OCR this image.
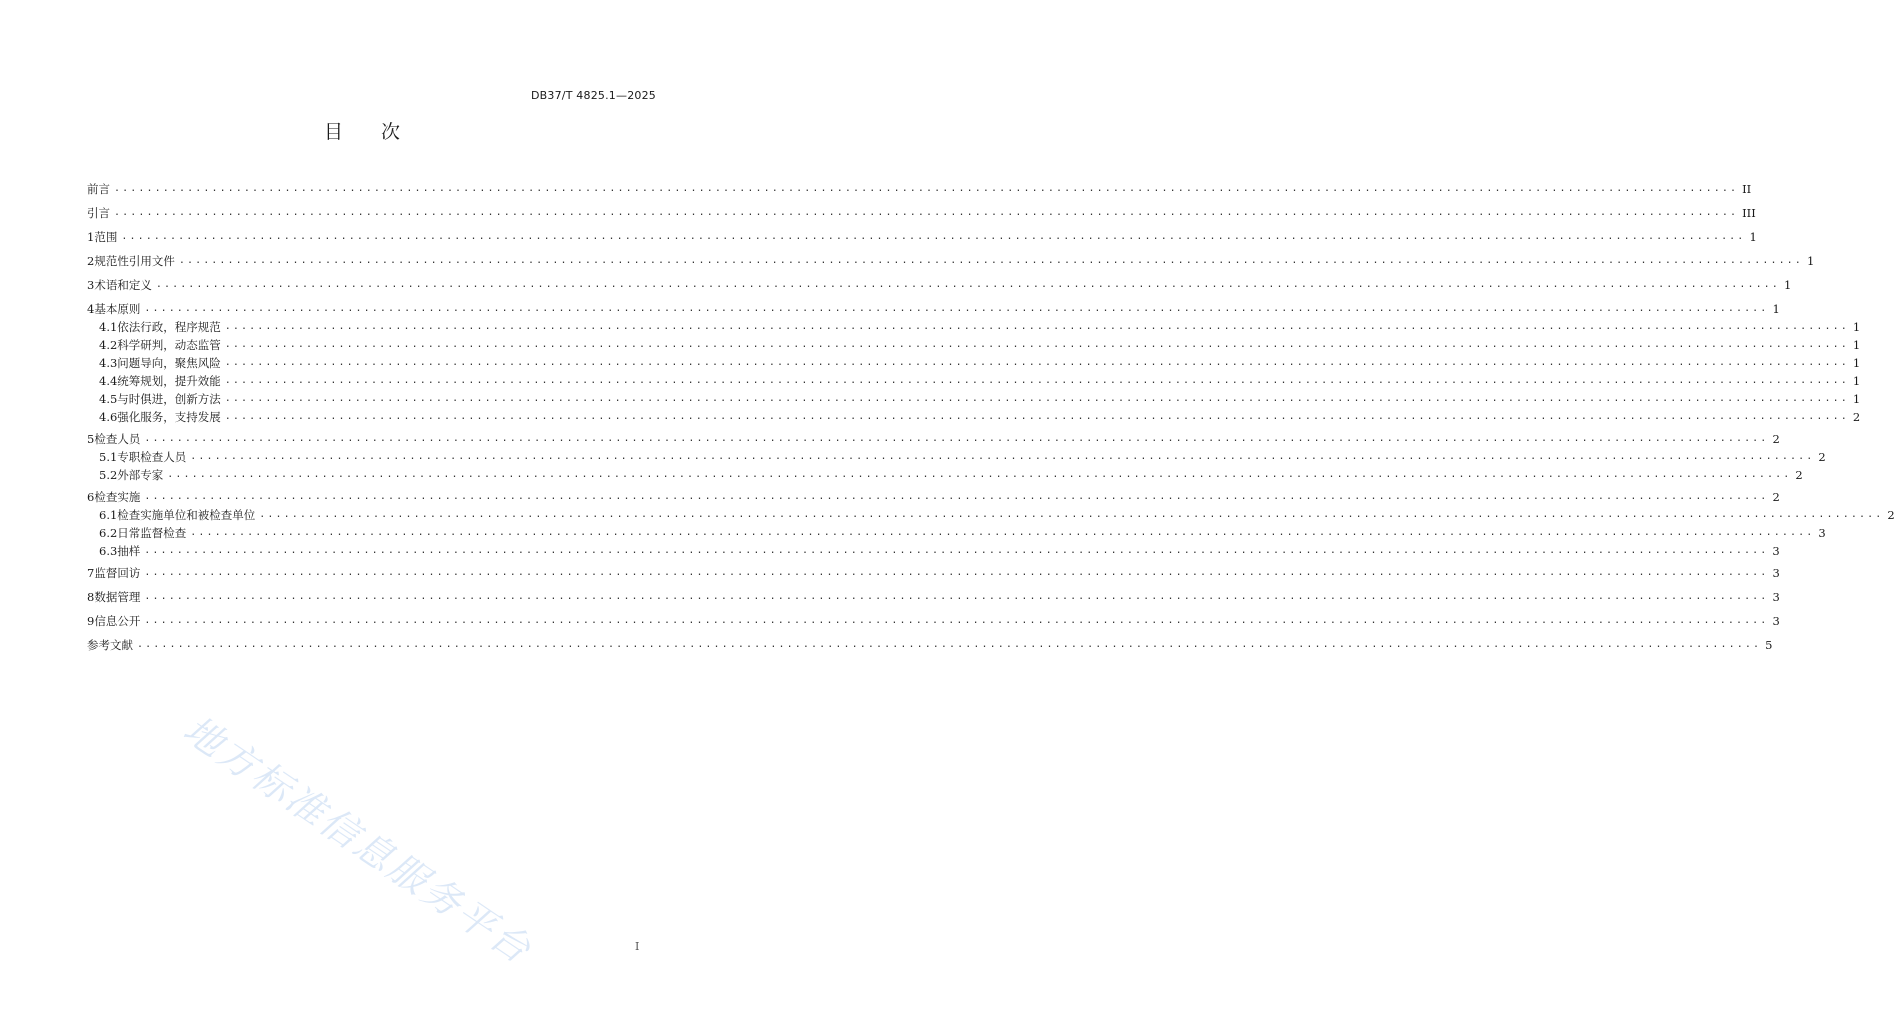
DB37/T 4825.1—2025
目 次
前言 ........................................................................................................................................................................................................ II
引言 ........................................................................................................................................................................................................ III
1 范围 ........................................................................................................................................................................................................ 1
2 规范性引用文件 ........................................................................................................................................................................................................ 1
3 术语和定义 ........................................................................................................................................................................................................ 1
4 基本原则 ........................................................................................................................................................................................................ 1
4.1 依法行政，程序规范 ........................................................................................................................................................................................................ 1
4.2 科学研判，动态监管 ........................................................................................................................................................................................................ 1
4.3 问题导向，聚焦风险 ........................................................................................................................................................................................................ 1
4.4 统筹规划，提升效能 ........................................................................................................................................................................................................ 1
4.5 与时俱进，创新方法 ........................................................................................................................................................................................................ 1
4.6 强化服务，支持发展 ........................................................................................................................................................................................................ 2
5 检查人员 ........................................................................................................................................................................................................ 2
5.1 专职检查人员 ........................................................................................................................................................................................................ 2
5.2 外部专家 ........................................................................................................................................................................................................ 2
6 检查实施 ........................................................................................................................................................................................................ 2
6.1 检查实施单位和被检查单位 ........................................................................................................................................................................................................ 2
6.2 日常监督检查 ........................................................................................................................................................................................................ 3
6.3 抽样 ........................................................................................................................................................................................................ 3
7 监督回访 ........................................................................................................................................................................................................ 3
8 数据管理 ........................................................................................................................................................................................................ 3
9 信息公开 ........................................................................................................................................................................................................ 3
参考文献 ........................................................................................................................................................................................................ 5
I
地方标准信息服务平台
